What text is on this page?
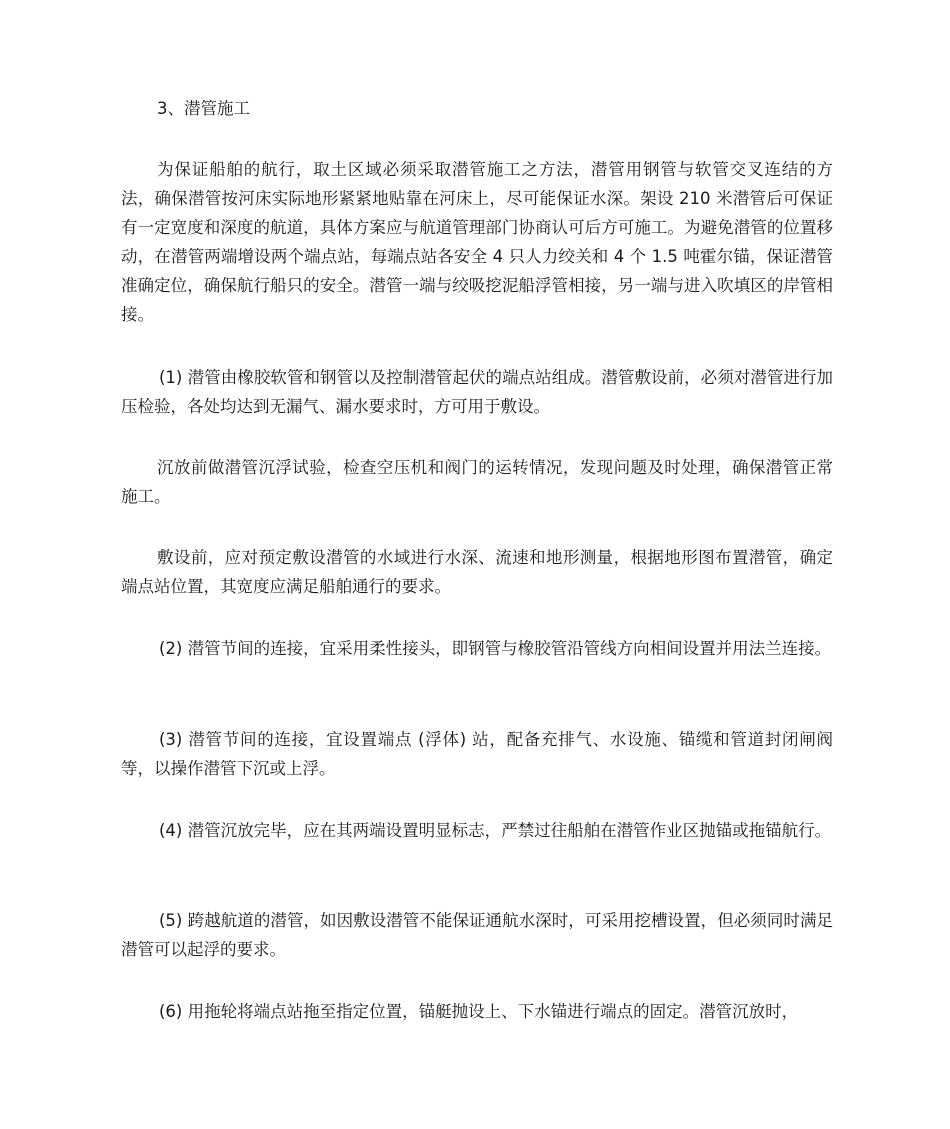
3、潜管施工

为保证船舶的航行，取土区域必须采取潜管施工之方法，潜管用钢管与软管交叉连结的方法，确保潜管按河床实际地形紧紧地贴靠在河床上，尽可能保证水深。架设 210 米潜管后可保证有一定宽度和深度的航道，具体方案应与航道管理部门协商认可后方可施工。为避免潜管的位置移动，在潜管两端增设两个端点站，每端点站各安全 4 只人力绞关和 4 个 1.5 吨霍尔锚，保证潜管准确定位，确保航行船只的安全。潜管一端与绞吸挖泥船浮管相接，另一端与进入吹填区的岸管相接。

(1) 潜管由橡胶软管和钢管以及控制潜管起伏的端点站组成。潜管敷设前，必须对潜管进行加压检验，各处均达到无漏气、漏水要求时，方可用于敷设。

沉放前做潜管沉浮试验，检查空压机和阀门的运转情况，发现问题及时处理，确保潜管正常施工。

敷设前，应对预定敷设潜管的水域进行水深、流速和地形测量，根据地形图布置潜管，确定端点站位置，其宽度应满足船舶通行的要求。

(2) 潜管节间的连接，宜采用柔性接头，即钢管与橡胶管沿管线方向相间设置并用法兰连接。

(3) 潜管节间的连接，宜设置端点 (浮体) 站，配备充排气、水设施、锚缆和管道封闭闸阀等，以操作潜管下沉或上浮。

(4) 潜管沉放完毕，应在其两端设置明显标志，严禁过往船舶在潜管作业区抛锚或拖锚航行。

(5) 跨越航道的潜管，如因敷设潜管不能保证通航水深时，可采用挖槽设置，但必须同时满足潜管可以起浮的要求。

(6) 用拖轮将端点站拖至指定位置，锚艇抛设上、下水锚进行端点的固定。潜管沉放时，
